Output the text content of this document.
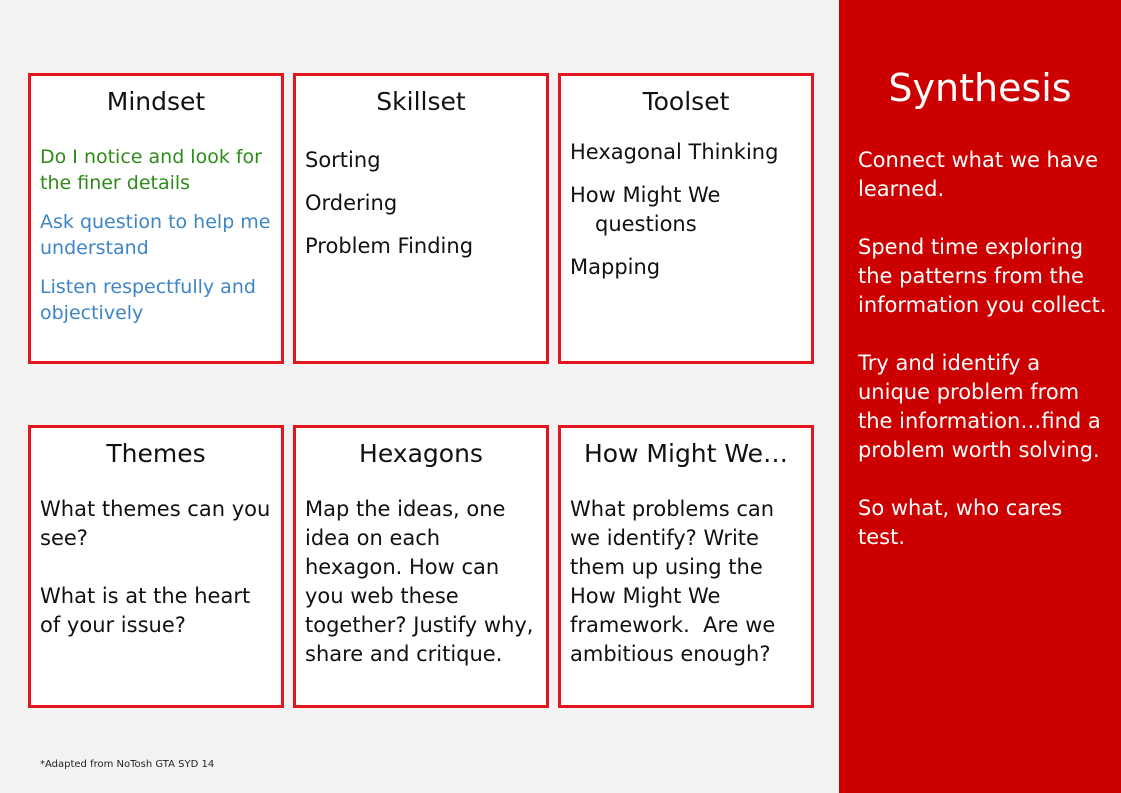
Mindset
Do I notice and look for the finer details
Ask question to help me understand
Listen respectfully and objectively
Skillset
Sorting
Ordering
Problem Finding
Toolset
Hexagonal Thinking
How Might We
questions
Mapping
Themes
What themes can you see?
What is at the heart of your issue?
Hexagons
Map the ideas, one idea on each hexagon. How can you web these together? Justify why, share and critique.
How Might We…
What problems can we identify? Write them up using the How Might We framework.  Are we ambitious enough?
Synthesis
Connect what we have learned.
Spend time exploring the patterns from the information you collect.
Try and identify a unique problem from the information…find a problem worth solving.
So what, who cares test.
*Adapted from NoTosh GTA SYD 14
